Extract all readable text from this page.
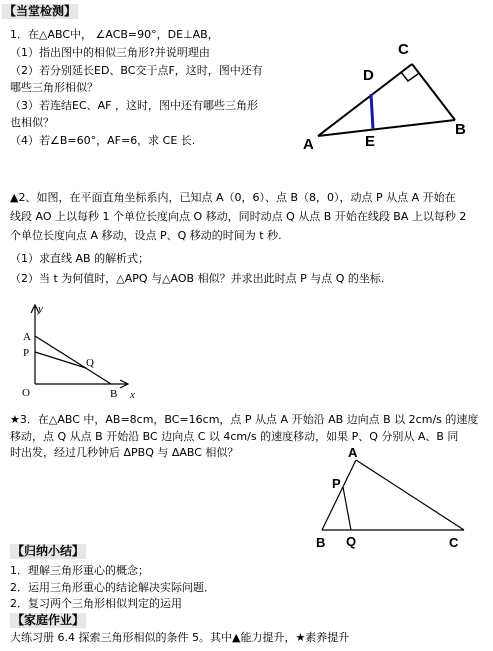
【当堂检测】
1．在△ABC中， ∠ACB=90°，DE⊥AB，
（1）指出图中的相似三角形?并说明理由
（2）若分别延长ED、BC交于点F，这时，图中还有
哪些三角形相似？
（3）若连结EC、AF ，这时，图中还有哪些三角形
也相似？
（4）若∠B=60°，AF=6，求 CE 长.
C
D
A	E
B
▲2、如图，在平面直角坐标系内，已知点 A（0，6）、点 B（8，0），动点 P 从点 A 开始在
线段 AO 上以每秒 1 个单位长度向点 O 移动，同时动点 Q 从点 B 开始在线段 BA 上以每秒 2
个单位长度向点 A 移动，设点 P、Q 移动的时间为 t 秒.
（1）求直线 AB 的解析式；
（2）当 t 为何值时，△APQ 与△AOB 相似？并求出此时点 P 与点 Q 的坐标.
y
A
P
Q
O	B x
★3．在△ABC 中，AB=8cm，BC=16cm，点 P 从点 A 开始沿 AB 边向点 B 以 2cm/s 的速度
移动，点 Q 从点 B 开始沿 BC 边向点 C 以 4cm/s 的速度移动，如果 P、Q 分别从 A、B 同
时出发，经过几秒钟后 ΔPBQ 与 ΔABC 相似？	A
P
B Q	C
【归纳小结】
1．理解三角形重心的概念；
2．运用三角形重心的结论解决实际问题．
2．复习两个三角形相似判定的运用
【家庭作业】
大练习册 6.4 探索三角形相似的条件 5。其中▲能力提升，★素养提升
